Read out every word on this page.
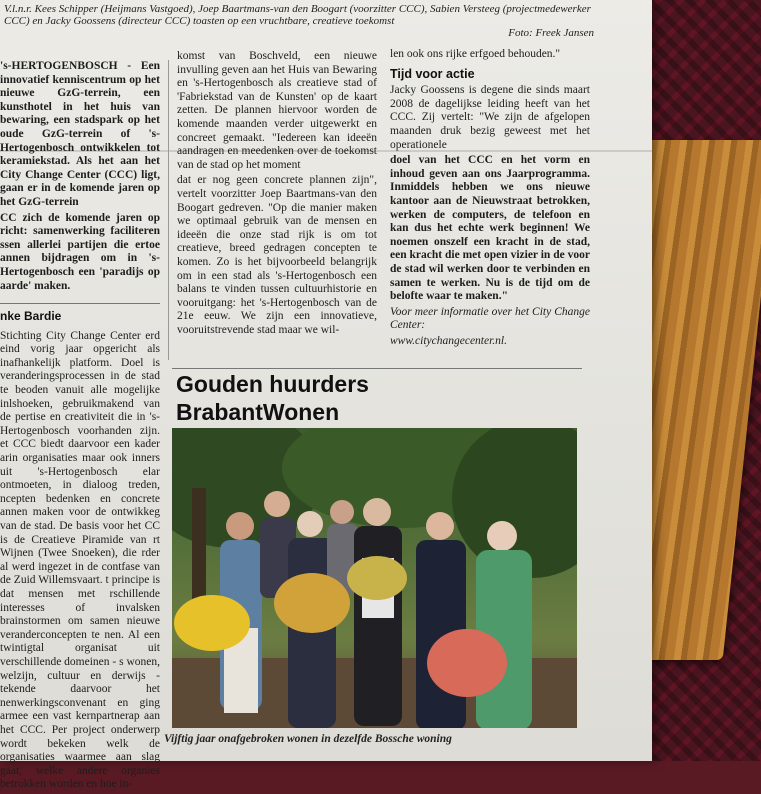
V.l.n.r. Kees Schipper (Heijmans Vastgoed), Joep Baartmans-van den Boogart (voorzitter CCC), Sabien Versteeg (projectmedewerker CCC) en Jacky Goossens (directeur CCC) toasten op een vruchtbare, creatieve toekomst
Foto: Freek Jansen

's-HERTOGENBOSCH - Een innovatief kenniscentrum op het nieuwe GzG-terrein, een kunsthotel in het huis van bewaring, een stadspark op het oude GzG-terrein of 's-Hertogenbosch ontwikkelen tot keramiekstad. Als het aan het City Change Center (CCC) ligt, gaan er in de komende jaren op het GzG-terrein

CC zich de komende jaren op richt: samenwerking faciliteren ssen allerlei partijen die ertoe annen bijdragen om in 's-Hertogenbosch een 'paradijs op aarde' maken.

nke Bardie

Stichting City Change Center erd eind vorig jaar opgericht als inafhankelijk platform. Doel is veranderingsprocessen in de stad te beoden vanuit alle mogelijke inlshoeken, gebruikmakend van de pertise en creativiteit die in 's-Hertogenbosch voorhanden zijn. et CCC biedt daarvoor een kader arin organisaties maar ook inners uit 's-Hertogenbosch elar ontmoeten, in dialoog treden, ncepten bedenken en concrete annen maken voor de ontwikkeg van de stad. De basis voor het CC is de Creatieve Piramide van rt Wijnen (Twee Snoeken), die rder al werd ingezet in de contfase van de Zuid Willemsvaart. t principe is dat mensen met rschillende interesses of invalsken brainstormen om samen nieuwe veranderconcepten te nen. Al een twintigtal organisat uit verschillende domeinen - s wonen, welzijn, cultuur en derwijs - tekende daarvoor het nenwerkingsconvenant en ging armee een vast kernpartnerap aan het CCC. Per project onderwerp wordt bekeken welk de organisaties waarmee aan slag gaat, welke andere organies betrokken worden en hoe in-

komst van Boschveld, een nieuwe invulling geven aan het Huis van Bewaring en 's-Hertogenbosch als creatieve stad of 'Fabriekstad van de Kunsten' op de kaart zetten. De plannen hiervoor worden de komende maanden verder uitgewerkt en concreet gemaakt. "Iedereen kan ideeën aandragen en meedenken over de toekomst van de stad op het moment

dat er nog geen concrete plannen zijn", vertelt voorzitter Joep Baartmans-van den Boogart gedreven. "Op die manier maken we optimaal gebruik van de mensen en ideeën die onze stad rijk is om tot creatieve, breed gedragen concepten te komen. Zo is het bijvoorbeeld belangrijk om in een stad als 's-Hertogenbosch een balans te vinden tussen cultuurhistorie en vooruitgang: het 's-Hertogenbosch van de 21e eeuw. We zijn een innovatieve, vooruitstrevende stad maar we wil-

len ook ons rijke erfgoed behouden."

Tijd voor actie

Jacky Goossens is degene die sinds maart 2008 de dagelijkse leiding heeft van het CCC. Zij vertelt: "We zijn de afgelopen maanden druk bezig geweest met het operationele

doel van het CCC en het vorm en inhoud geven aan ons Jaarprogramma. Inmiddels hebben we ons nieuwe kantoor aan de Nieuwstraat betrokken, werken de computers, de telefoon en kan dus het echte werk beginnen! We noemen onszelf een kracht in de stad, een kracht die met open vizier in de voor de stad wil werken door te verbinden en samen te werken. Nu is de tijd om de belofte waar te maken."

Voor meer informatie over het City Change Center:

www.citychangecenter.nl.

Gouden huurders
BrabantWonen
Vijftig jaar onafgebroken wonen in dezelfde Bossche woning
